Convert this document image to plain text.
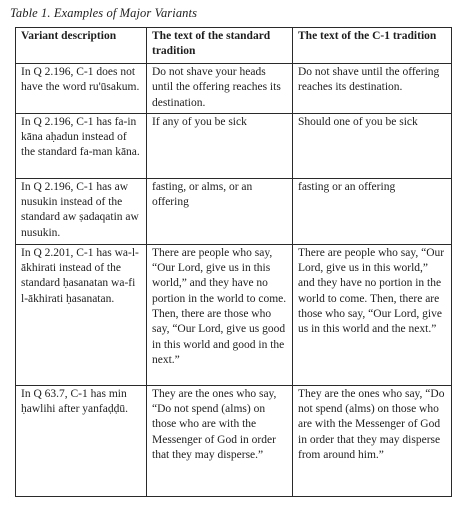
Table 1. Examples of Major Variants
Variant description	The text of the standard tradition	The text of the C-1 tradition
In Q 2.196, C-1 does not have the word ru'ūsakum.	Do not shave your heads until the offering reaches its destination.	Do not shave until the offering reaches its destination.
In Q 2.196, C-1 has fa-in kāna aḥadun instead of the standard fa-man kāna.	If any of you be sick	Should one of you be sick
In Q 2.196, C-1 has aw nusukin instead of the standard aw ṣadaqatin aw nusukin.	fasting, or alms, or an offering	fasting or an offering
In Q 2.201, C-1 has wa-l-ākhirati instead of the standard ḥasanatan wa-fi l-ākhirati ḥasanatan.	There are people who say, “Our Lord, give us in this world,” and they have no portion in the world to come. Then, there are those who say, “Our Lord, give us good in this world and good in the next.”	There are people who say, “Our Lord, give us in this world,” and they have no portion in the world to come. Then, there are those who say, “Our Lord, give us in this world and the next.”
In Q 63.7, C-1 has min ḥawlihi after yanfaḍḍū.	They are the ones who say, “Do not spend (alms) on those who are with the Messenger of God in order that they may disperse.”	They are the ones who say, “Do not spend (alms) on those who are with the Messenger of God in order that they may disperse from around him.”
